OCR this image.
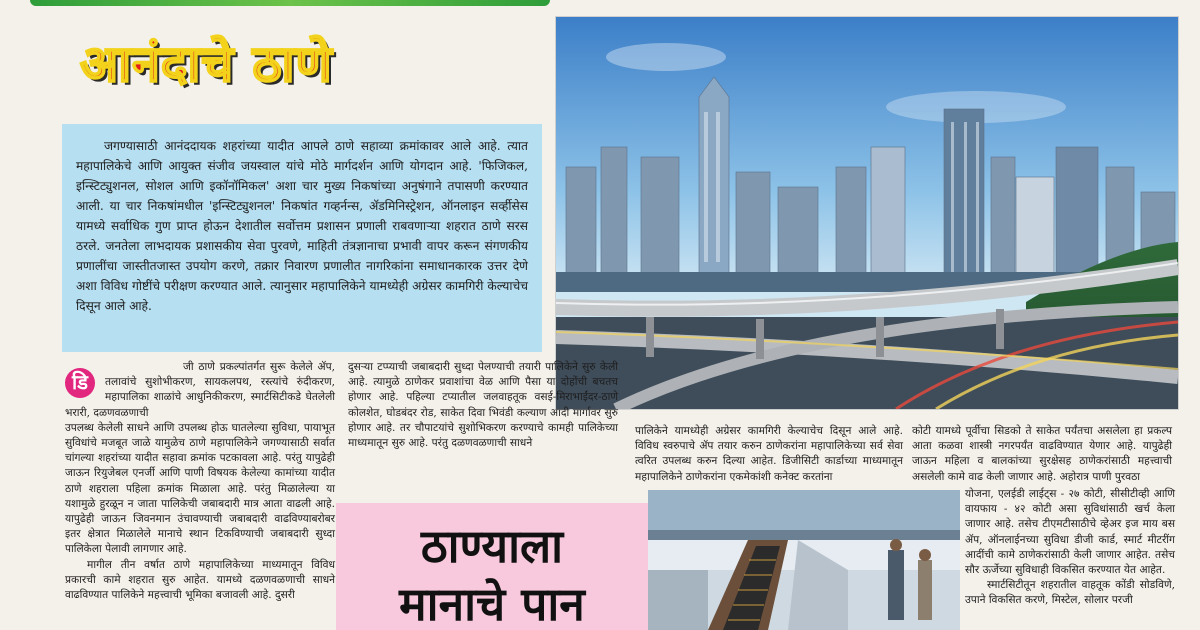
आनंदाचे ठाणे

जगण्यासाठी आनंददायक शहरांच्या यादीत आपले ठाणे सहाव्या क्रमांकावर आले आहे. त्यात महापालिकेचे आणि आयुक्त संजीव जयस्वाल यांचे मोठे मार्गदर्शन आणि योगदान आहे. 'फिजिकल, इन्स्टिट्युशनल, सोशल आणि इकॉनॉमिकल' अशा चार मुख्य निकषांच्या अनुषंगाने तपासणी करण्यात आली. या चार निकषांमधील 'इन्स्टिट्युशनल' निकषांत गव्हर्नन्स, ॲडमिनिस्ट्रेशन, ऑनलाइन सर्व्हीसेस यामध्ये सर्वाधिक गुण प्राप्त होऊन देशातील सर्वोत्तम प्रशासन प्रणाली राबवणाऱ्या शहरात ठाणे सरस ठरले. जनतेला लाभदायक प्रशासकीय सेवा पुरवणे, माहिती तंत्रज्ञानाचा प्रभावी वापर करून संगणकीय प्रणालींचा जास्तीतजास्त उपयोग करणे, तक्रार निवारण प्रणालीत नागरिकांना समाधानकारक उत्तर देणे अशा विविध गोष्टींचे परीक्षण करण्यात आले. त्यानुसार महापालिकेने यामध्येही अग्रेसर कामगिरी केल्याचेच दिसून आले आहे.

डि

जी ठाणे प्रकल्पांतर्गत सुरू केलेले ॲप, तलावांचे सुशोभीकरण, सायकलपथ, रस्त्यांचे रुंदीकरण, महापालिका शाळांचे आधुनिकीकरण, स्मार्टसिटीकडे घेतलेली भरारी, दळणवळणाची

उपलब्ध केलेली साधने आणि उपलब्ध होऊ घातलेल्या सुविधा, पायाभूत सुविधांचे मजबूत जाळे यामुळेच ठाणे महापालिकेने जगण्यासाठी सर्वात चांगल्या शहरांच्या यादीत सहावा क्रमांक पटकावला आहे. परंतु यापुढेही जाऊन रियुजेबल एनर्जी आणि पाणी विषयक केलेल्या कामांच्या यादीत ठाणे शहराला पहिला क्रमांक मिळाला आहे. परंतु मिळालेल्या या यशामुळे हुरळून न जाता पालिकेची जबाबदारी मात्र आता वाढली आहे. यापुढेही जाऊन जिवनमान उंचावण्याची जबाबदारी वाढविण्याबरोबर इतर क्षेत्रात मिळालेले मानाचे स्थान टिकविण्याची जबाबदारी सुध्दा पालिकेला पेलावी लागणार आहे.

मागील तीन वर्षात ठाणे महापालिकेच्या माध्यमातून विविध प्रकारची कामे शहरात सुरु आहेत. यामध्ये दळणवळणाची साधने वाढविण्यात पालिकेने महत्त्वाची भूमिका बजावली आहे. दुसरी

दुसऱ्या टप्प्याची जबाबदारी सुध्दा पेलण्याची तयारी पालिकेने सुरु केली आहे. त्यामुळे ठाणेकर प्रवाशांचा वेळ आणि पैसा या दोहोंची बचतच होणार आहे. पहिल्या टप्यातील जलवाहतूक वसई-मिराभाईंदर-ठाणे कोलशेत, घोडबंदर रोड, साकेत दिवा भिवंडी कल्याण आदी मार्गावर सुरु होणार आहे. तर चौपाटयांचे सुशोभिकरण करण्याचे कामही पालिकेच्या माध्यमातून सुरु आहे. परंतु दळणवळणाची साधने

पालिकेने यामध्येही अग्रेसर कामगिरी केल्याचेच दिसून आले आहे. विविध स्वरुपाचे ॲप तयार करुन ठाणेकरांना महापालिकेच्या सर्व सेवा त्वरित उपलब्ध करुन दिल्या आहेत. डिजीसिटी कार्डाच्या माध्यमातून महापालिकेने ठाणेकरांना एकमेकांशी कनेक्ट करतांना

कोटी यामध्ये पूर्वीचा सिडको ते साकेत पर्यंतचा असलेला हा प्रकल्प आता कळवा शास्त्री नगरपर्यंत वाढविण्यात येणार आहे. यापुढेही जाऊन महिला व बालकांच्या सुरक्षेसह ठाणेकरांसाठी महत्त्वाची असलेली कामे वाढ केली जाणार आहे. अहोरात्र पाणी पुरवठा

योजना, एलईडी लाईट्स - २७ कोटी, सीसीटीव्ही आणि वायफाय - ४२ कोटी असा सुविधांसाठी खर्च केला जाणार आहे. तसेच टीएमटीसाठीचे व्हेअर इज माय बस ॲप, ऑनलाईनच्या सुविधा डीजी कार्ड, स्मार्ट मीटरींग आदींची कामे ठाणेकरांसाठी केली जाणार आहेत. तसेच सौर ऊर्जेच्या सुविधाही विकसित करण्यात येत आहेत.

स्मार्टसिटीतून शहरातील वाहतूक कोंडी सोडविणे, उपाने विकसित करणे, मिस्टेल, सोलार परजी

ठाण्याला
मानाचे पान
